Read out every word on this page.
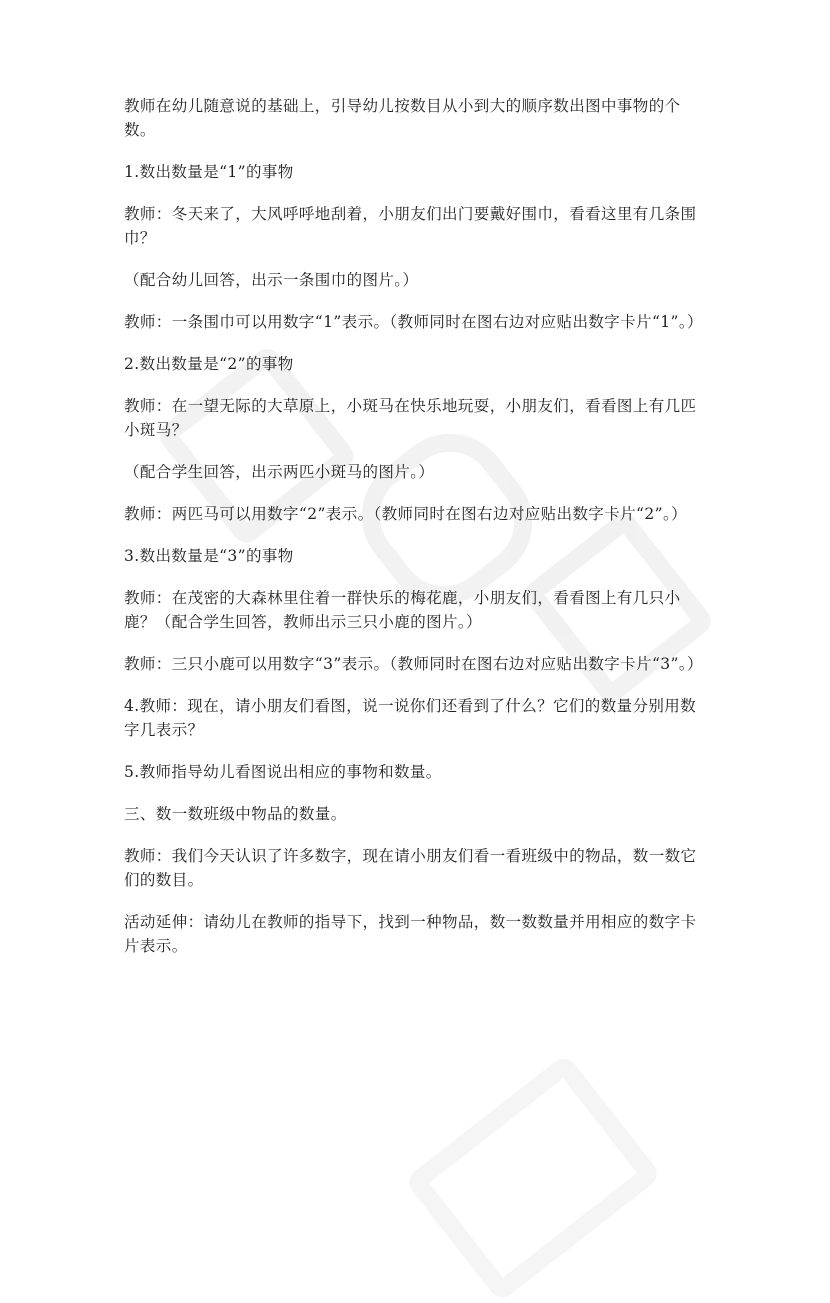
教师在幼儿随意说的基础上，引导幼儿按数目从小到大的顺序数出图中事物的个数。

1.数出数量是“1”的事物

教师：冬天来了，大风呼呼地刮着，小朋友们出门要戴好围巾，看看这里有几条围巾？

（配合幼儿回答，出示一条围巾的图片。）

教师：一条围巾可以用数字“1”表示。（教师同时在图右边对应贴出数字卡片“1”。）

2.数出数量是“2”的事物

教师：在一望无际的大草原上，小斑马在快乐地玩耍，小朋友们，看看图上有几匹小斑马？

（配合学生回答，出示两匹小斑马的图片。）

教师：两匹马可以用数字“2”表示。（教师同时在图右边对应贴出数字卡片“2”。）

3.数出数量是“3”的事物

教师：在茂密的大森林里住着一群快乐的梅花鹿，小朋友们，看看图上有几只小鹿？（配合学生回答，教师出示三只小鹿的图片。）

教师：三只小鹿可以用数字“3”表示。（教师同时在图右边对应贴出数字卡片“3”。）

4.教师：现在，请小朋友们看图，说一说你们还看到了什么？它们的数量分别用数字几表示？

5.教师指导幼儿看图说出相应的事物和数量。

三、数一数班级中物品的数量。

教师：我们今天认识了许多数字，现在请小朋友们看一看班级中的物品，数一数它们的数目。

活动延伸：请幼儿在教师的指导下，找到一种物品，数一数数量并用相应的数字卡片表示。
